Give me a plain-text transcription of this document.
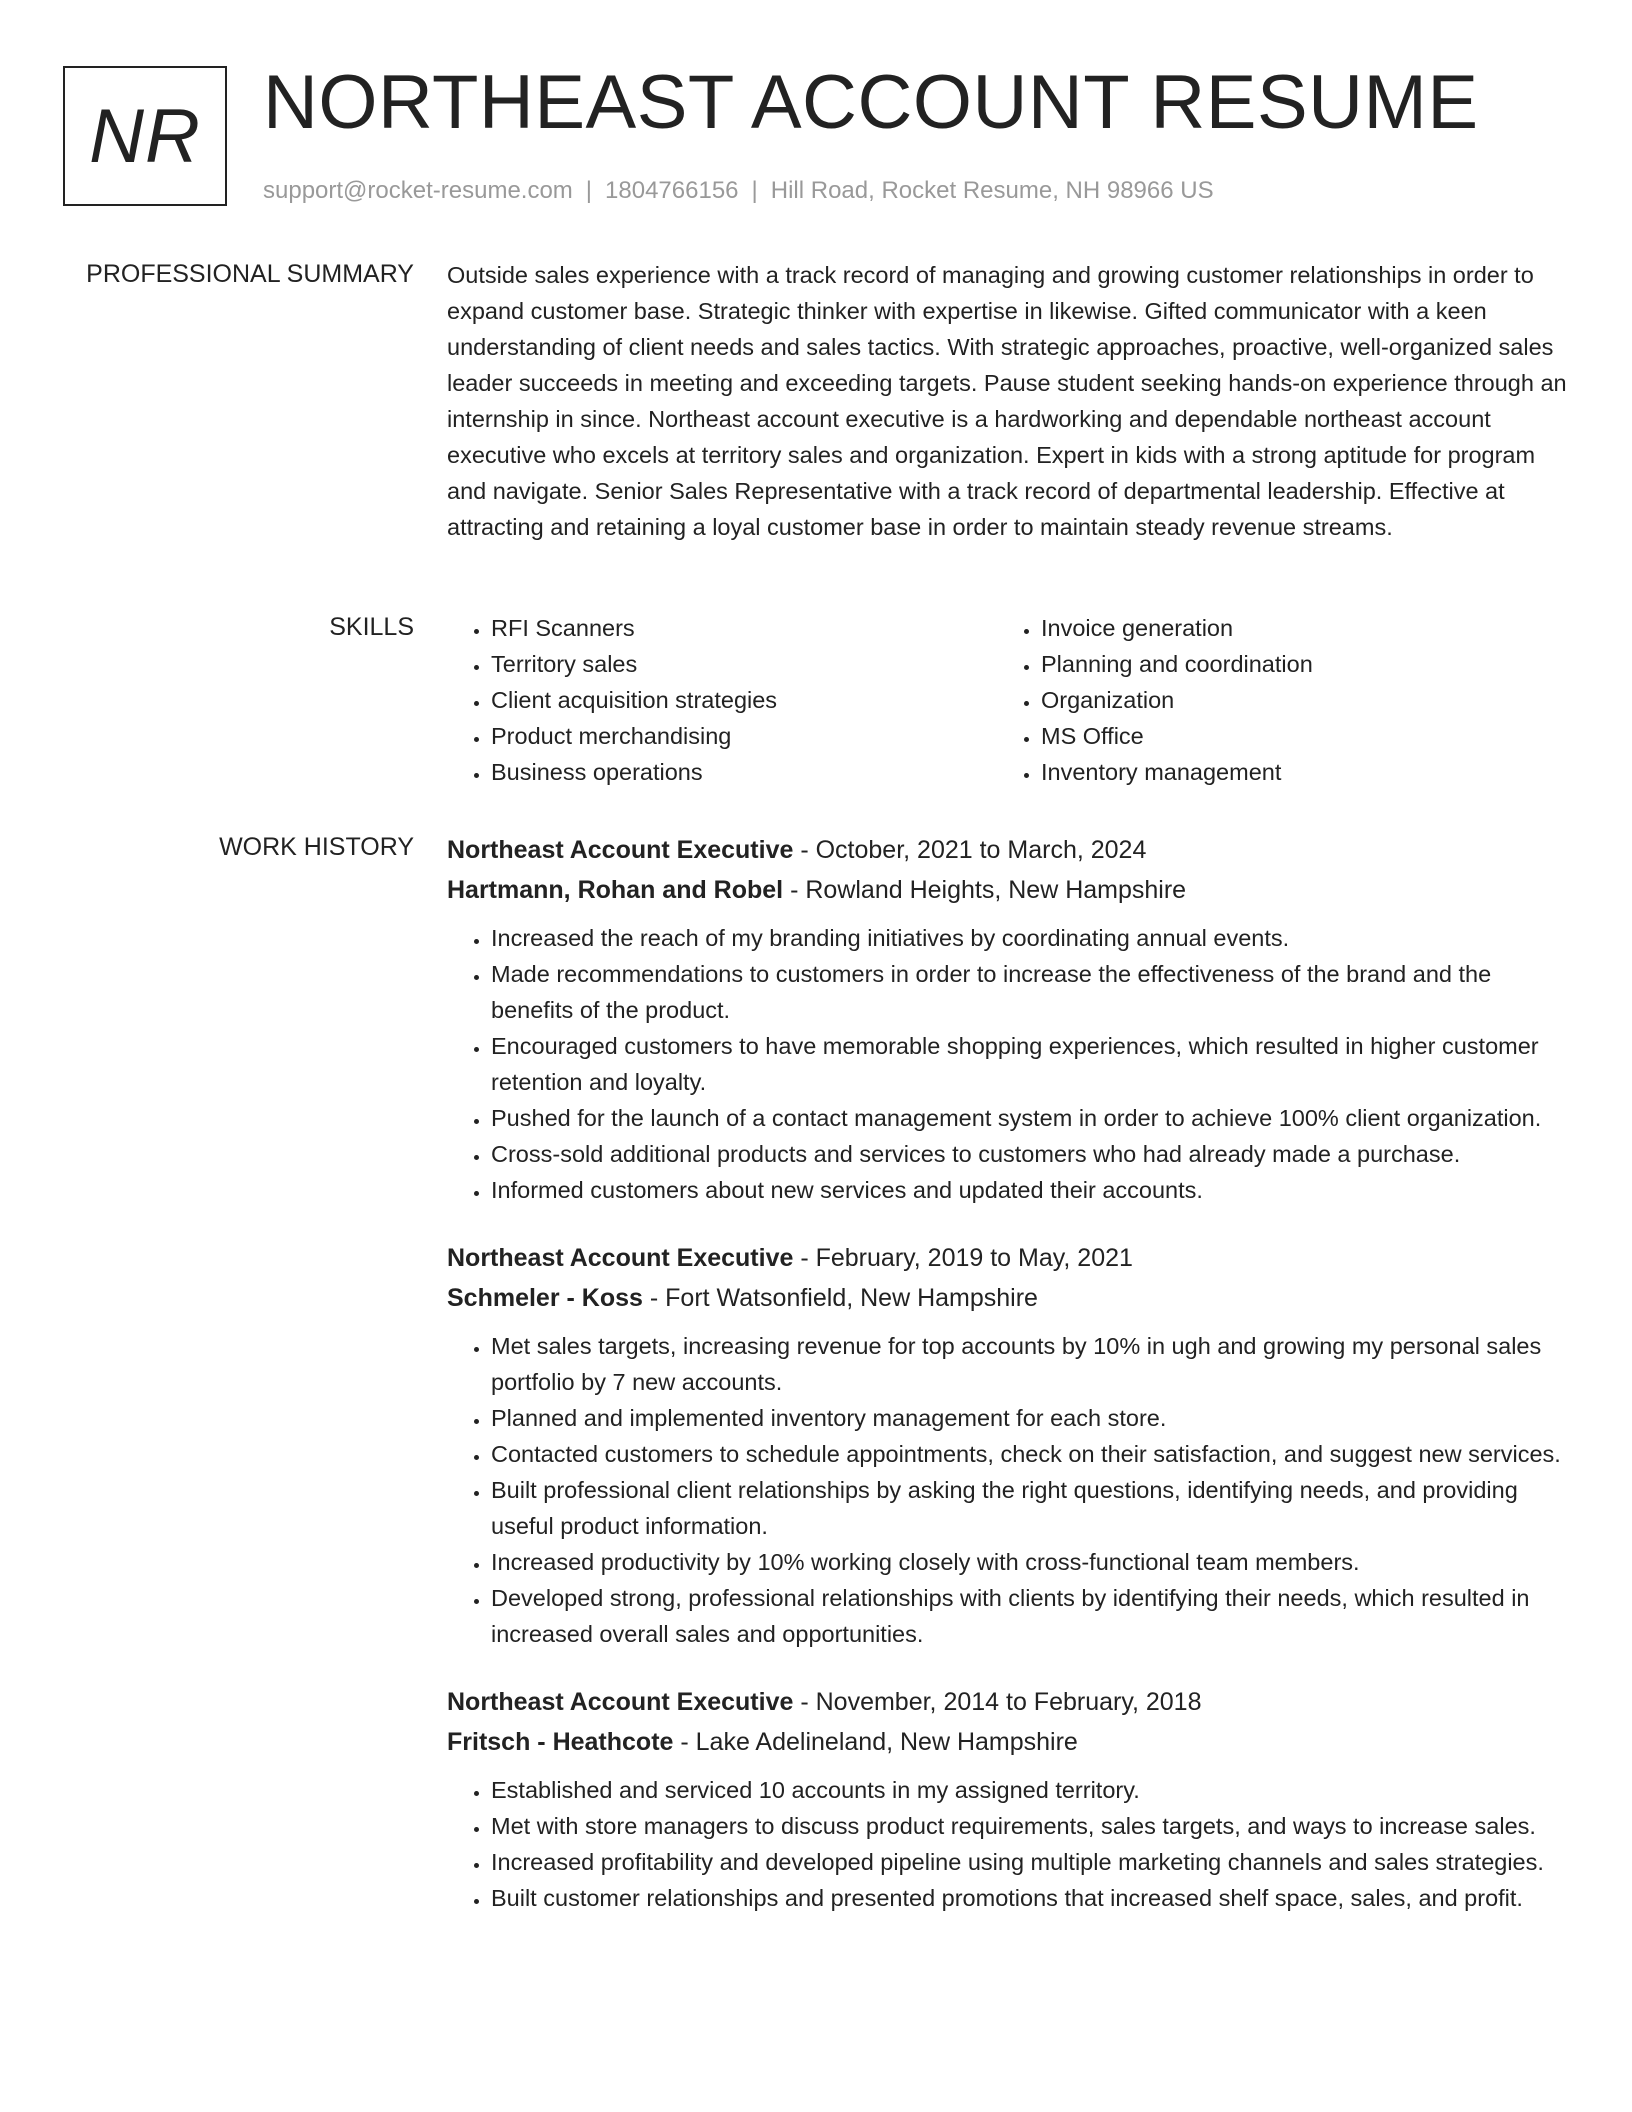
NR NORTHEAST ACCOUNT RESUME
support@rocket-resume.com | 1804766156 | Hill Road, Rocket Resume, NH 98966 US
PROFESSIONAL SUMMARY Outside sales experience with a track record of managing and growing customer relationships in order to expand customer base. Strategic thinker with expertise in likewise. Gifted communicator with a keen understanding of client needs and sales tactics. With strategic approaches, proactive, well-organized sales leader succeeds in meeting and exceeding targets. Pause student seeking hands-on experience through an internship in since. Northeast account executive is a hardworking and dependable northeast account executive who excels at territory sales and organization. Expert in kids with a strong aptitude for program and navigate. Senior Sales Representative with a track record of departmental leadership. Effective at attracting and retaining a loyal customer base in order to maintain steady revenue streams.

SKILLS
•	RFI Scanners
• Territory sales
• Client acquisition strategies
• Product merchandising
• Business operations
• Invoice generation
• Planning and coordination
• Organization
• MS Office
• Inventory management
WORK HISTORY Northeast Account Executive - October, 2021 to March, 2024
Hartmann, Rohan and Robel - Rowland Heights, New Hampshire
• Increased the reach of my branding initiatives by coordinating annual events.
• Made recommendations to customers in order to increase the effectiveness of the brand and the benefits of the product.
• Encouraged customers to have memorable shopping experiences, which resulted in higher customer retention and loyalty.
• Pushed for the launch of a contact management system in order to achieve 100% client organization.
• Cross-sold additional products and services to customers who had already made a purchase.
• Informed customers about new services and updated their accounts.
Northeast Account Executive - February, 2019 to May, 2021
Schmeler - Koss - Fort Watsonfield, New Hampshire
• Met sales targets, increasing revenue for top accounts by 10% in ugh and growing my personal sales portfolio by 7 new accounts.
• Planned and implemented inventory management for each store.
• Contacted customers to schedule appointments, check on their satisfaction, and suggest new services.
• Built professional client relationships by asking the right questions, identifying needs, and providing useful product information.
• Increased productivity by 10% working closely with cross-functional team members.
• Developed strong, professional relationships with clients by identifying their needs, which resulted in increased overall sales and opportunities.
Northeast Account Executive - November, 2014 to February, 2018
Fritsch - Heathcote - Lake Adelineland, New Hampshire
• Established and serviced 10 accounts in my assigned territory.
• Met with store managers to discuss product requirements, sales targets, and ways to increase sales.
• Increased profitability and developed pipeline using multiple marketing channels and sales strategies.
• Built customer relationships and presented promotions that increased shelf space, sales, and profit.
